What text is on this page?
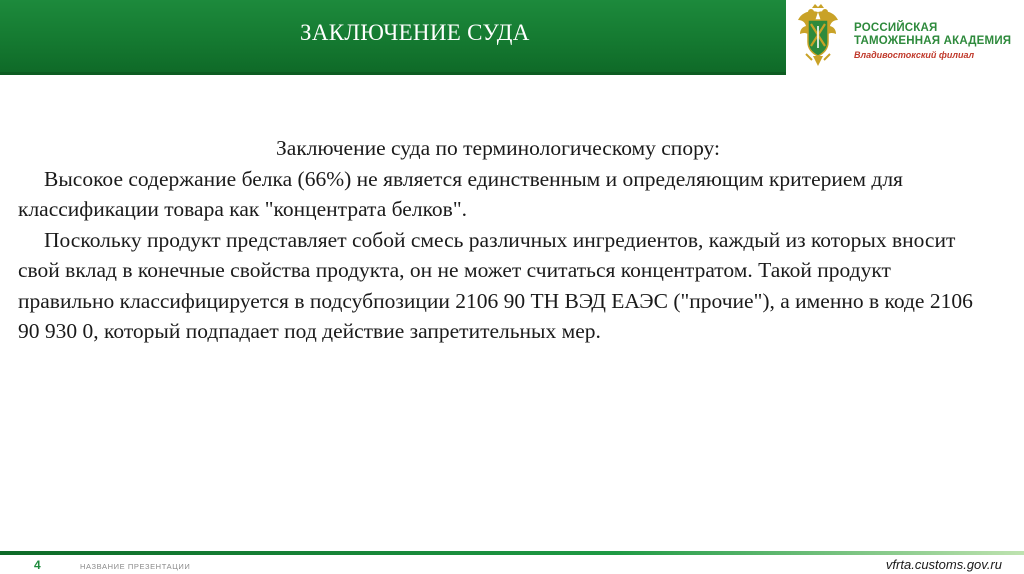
ЗАКЛЮЧЕНИЕ СУДА	РОССИЙСКАЯ
ТАМОЖЕННАЯ АКАДЕМИЯ
Владивостокский филиал

Заключение суда по терминологическому спору:

Высокое содержание белка (66%) не является единственным и определяющим критерием для классификации товара как "концентрата белков".

Поскольку продукт представляет собой смесь различных ингредиентов, каждый из которых вносит свой вклад в конечные свойства продукта, он не может считаться концентратом. Такой продукт правильно классифицируется в подсубпозиции 2106 90 ТН ВЭД ЕАЭС ("прочие"), а именно в коде 2106 90 930 0, который подпадает под действие запретительных мер.

4	НАЗВАНИЕ ПРЕЗЕНТАЦИИ	vfrta.customs.gov.ru
